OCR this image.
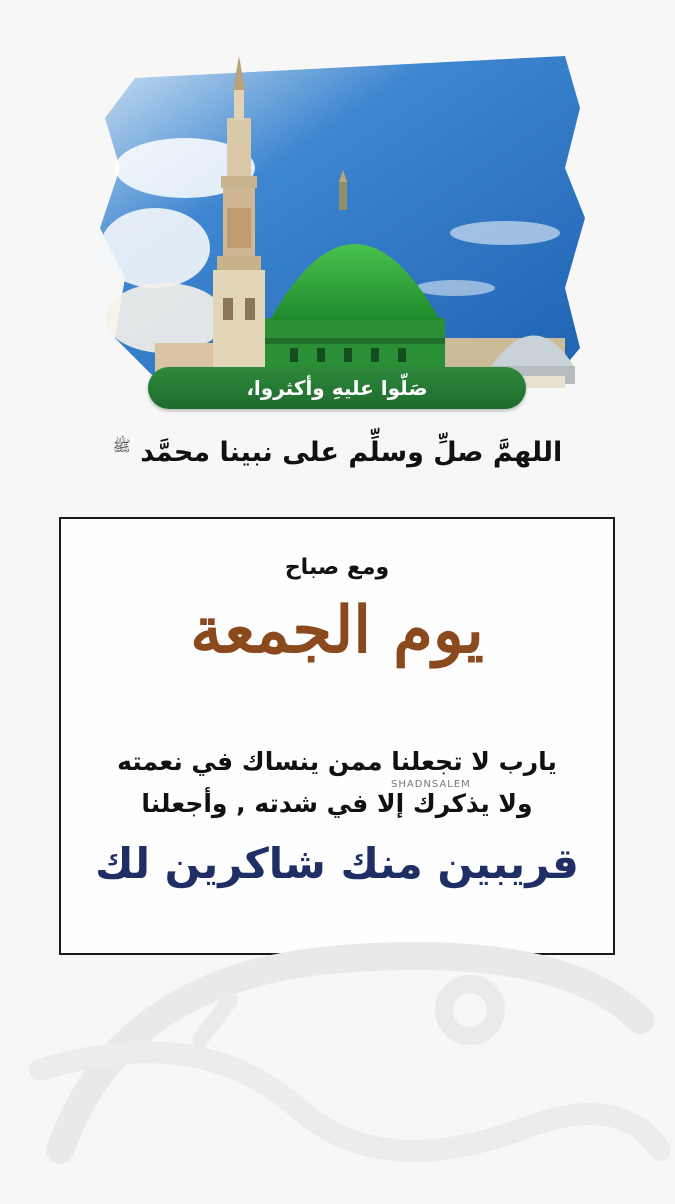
صَلّوا عليهِ وأكثروا،
اللهمَّ صلِّ وسلِّم على نبينا محمَّد $^ﷺ$
ومع صباح
يوم الجمعة
يارب لا تجعلنا ممن ينساك في نعمته
SHADNSALEM
ولا يذكرك إلا في شدته , وأجعلنا
قريبين منك شاكرين لك
